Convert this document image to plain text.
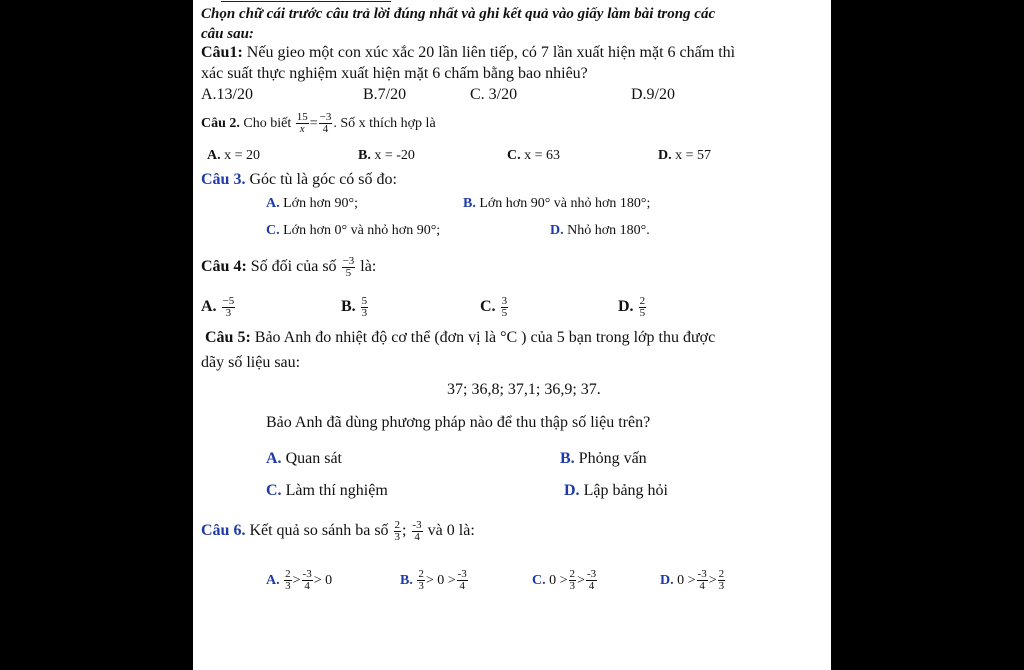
Chọn chữ cái trước câu trả lời đúng nhất và ghi kết quả vào giấy làm bài trong các
câu sau:
Câu1: Nếu gieo một con xúc xắc 20 lần liên tiếp, có 7 lần xuất hiện mặt 6 chấm thì
xác suất thực nghiệm xuất hiện mặt 6 chấm bằng bao nhiêu?
A.13/20	B.7/20	C. 3/20	D.9/20
Câu 2. Cho biết $\frac{15}{x} = \frac{-3}{4}$ . Số x thích hợp là
A. x = 20	B. x = -20	C. x = 63	D. x = 57
Câu 3. Góc tù là góc có số đo:
A. Lớn hơn 90°;	B. Lớn hơn 90° và nhỏ hơn 180°;
C. Lớn hơn 0° và nhỏ hơn 90°;	D. Nhỏ hơn 180°.
Câu 4: Số đối của số $\frac{-3}{5}$ là:
A. $\frac{-5}{3}$	B. $\frac{5}{3}$	C. $\frac{3}{5}$	D. $\frac{2}{5}$
Câu 5: Bảo Anh đo nhiệt độ cơ thể (đơn vị là °C ) của 5 bạn trong lớp thu được
dãy số liệu sau:
37; 36,8; 37,1; 36,9; 37.
Bảo Anh đã dùng phương pháp nào để thu thập số liệu trên?
A. Quan sát	B. Phỏng vấn
C. Làm thí nghiệm	D. Lập bảng hỏi
Câu 6. Kết quả so sánh ba số $\frac{2}{3}$ ; $\frac{-3}{4}$ và 0 là:
A. $\frac{2}{3} > \frac{-3}{4} > 0$	B. $\frac{2}{3} > 0 > \frac{-3}{4}$	C. $0 > \frac{2}{3} > \frac{-3}{4}$	D. $0 > \frac{-3}{4} > \frac{2}{3}$
